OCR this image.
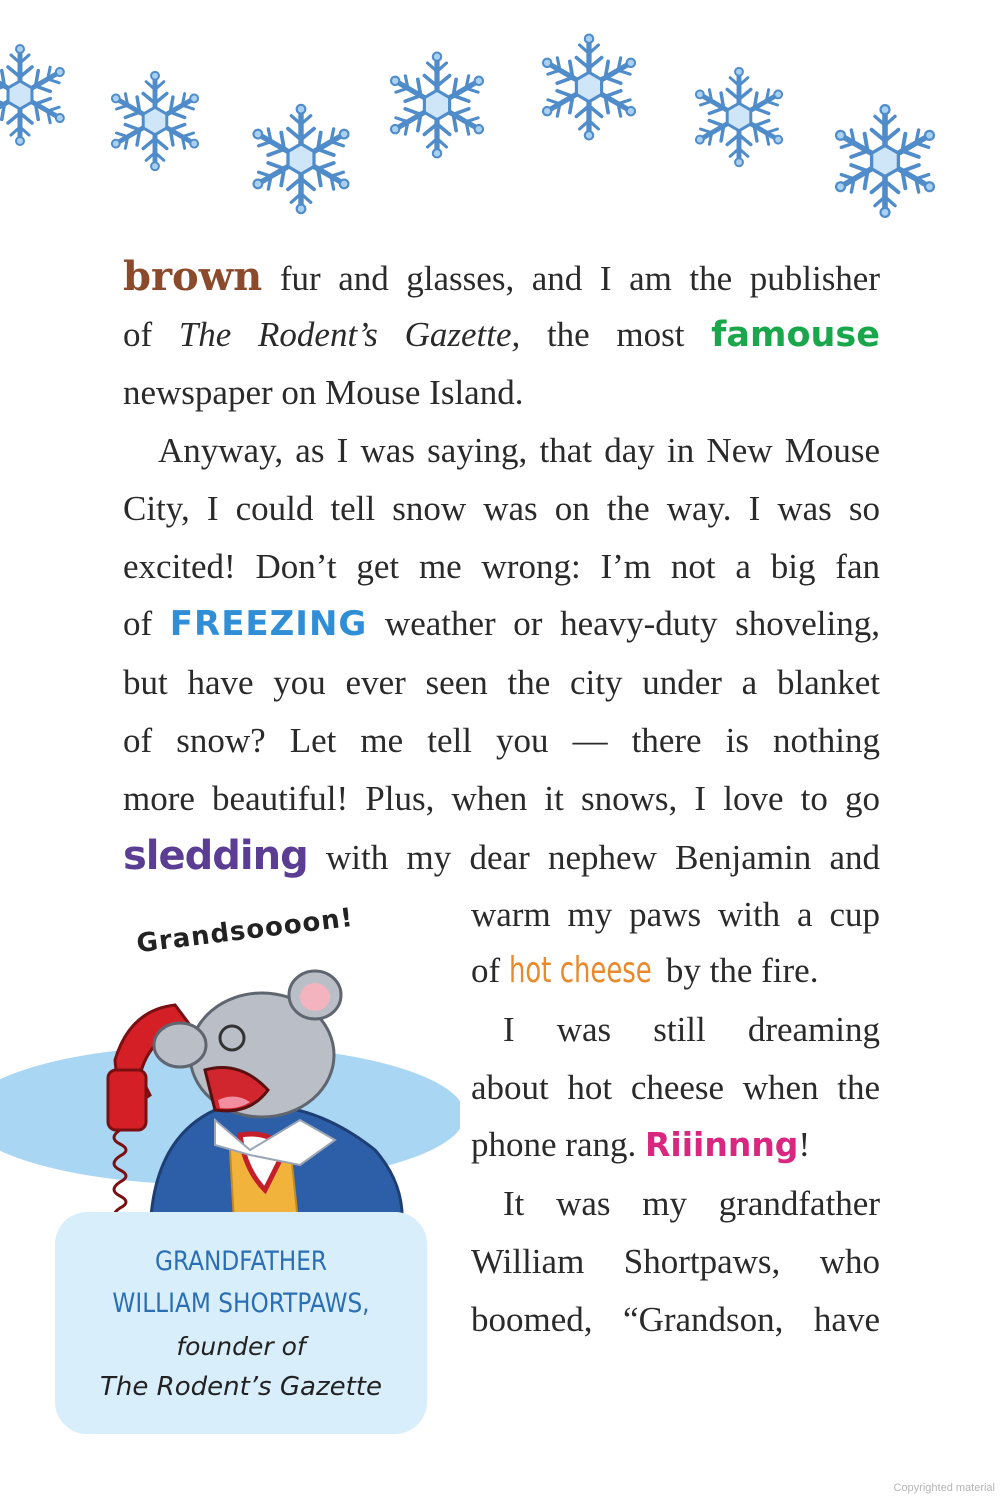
brown fur and glasses, and I am the publisher
of The Rodent’s Gazette, the most famouse
newspaper on Mouse Island.
Anyway, as I was saying, that day in New Mouse
City, I could tell snow was on the way. I was so
excited! Don’t get me wrong: I’m not a big fan
of FREEZING weather or heavy-duty shoveling,
but have you ever seen the city under a blanket
of snow? Let me tell you — there is nothing
more beautiful! Plus, when it snows, I love to go
sledding with my dear nephew Benjamin and
warm my paws with a cup
of hot cheese by the fire.
I was still dreaming
about hot cheese when the
phone rang. Riiinnng!
It was my grandfather
William Shortpaws, who
boomed, “Grandson, have
Grandsoooon!
GRANDFATHER
WILLIAM SHORTPAWS,
founder of
The Rodent’s Gazette
Copyrighted material
